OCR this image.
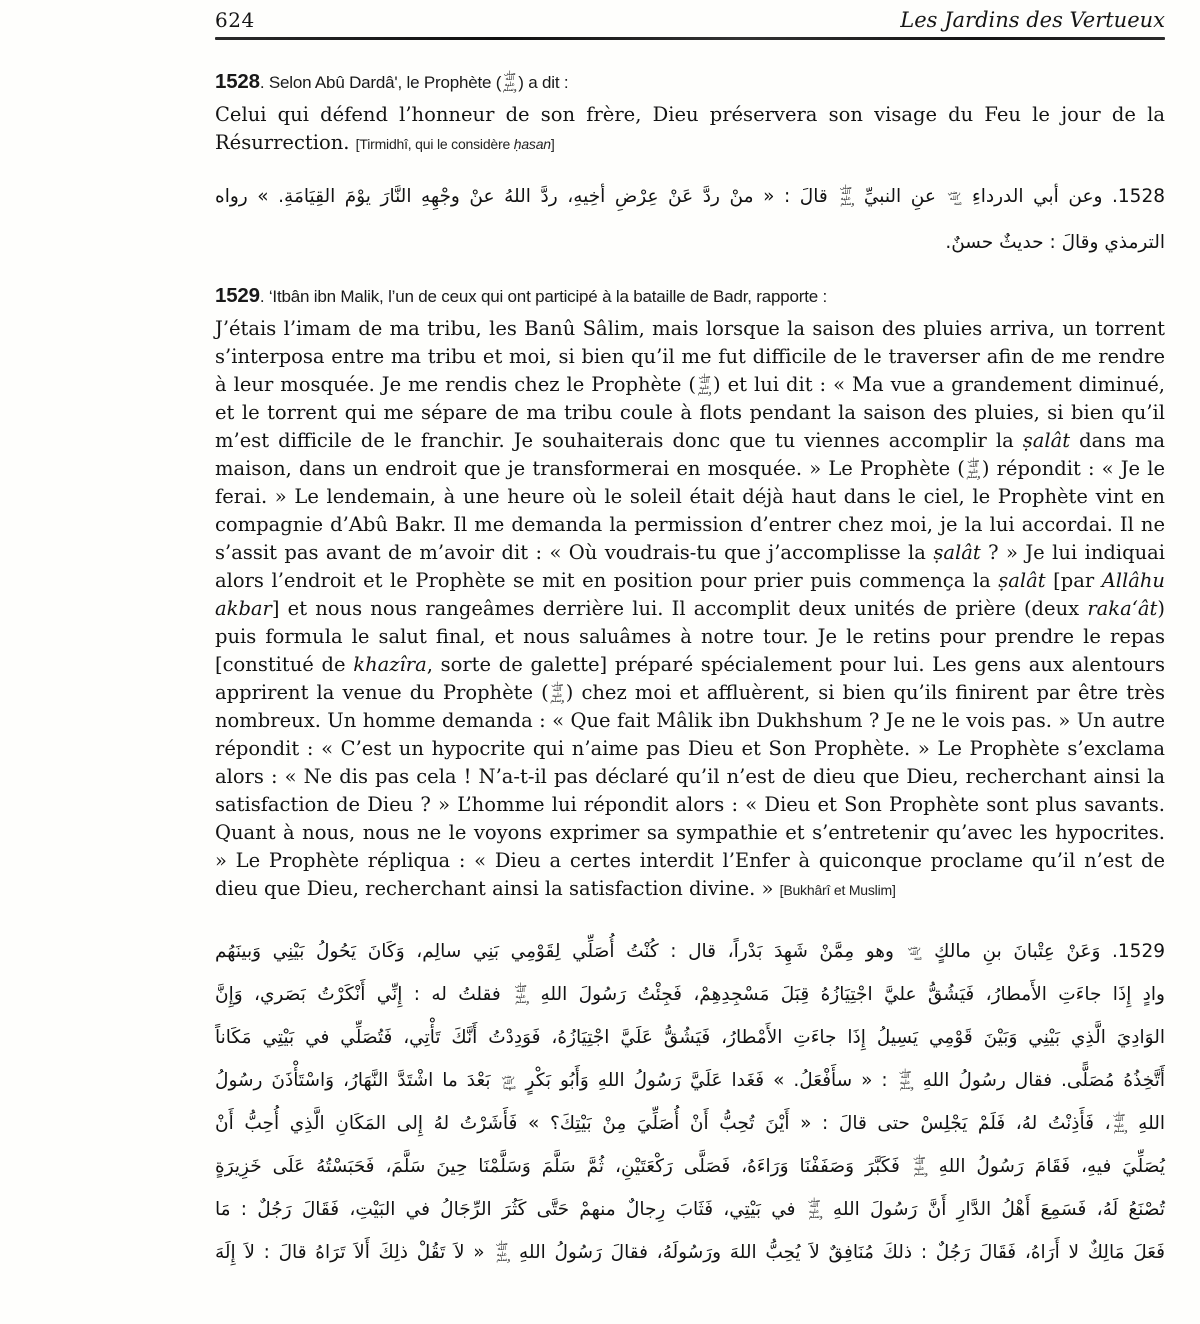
624	Les Jardins des Vertueux

1528. Selon Abû Dardâ', le Prophète ( صلى الله عليه وسلم) a dit :

Celui qui défend l’honneur de son frère, Dieu préservera son visage du Feu le jour de la Résurrection. [Tirmidhî, qui le considère ḥasan]

1528. وعن أبي الدرداءِ رضي الله عنه عنِ النبيِّ صلى الله عليه وسلم قالَ : « منْ ردَّ عَنْ عِرْضِ أخِيهِ، ردَّ اللهُ عنْ وجْهِهِ النَّارَ يوْمَ القِيَامَةِ. » رواه
الترمذي وقالَ : حديثٌ حسنٌ.

1529. ‘Itbân ibn Malik, l’un de ceux qui ont participé à la bataille de Badr, rapporte :

J’étais l’imam de ma tribu, les Banû Sâlim, mais lorsque la saison des pluies arriva, un torrent s’interposa entre ma tribu et moi, si bien qu’il me fut difficile de le traverser afin de me rendre à leur mosquée. Je me rendis chez le Prophète ( صلى الله عليه وسلم) et lui dit : « Ma vue a grandement diminué, et le torrent qui me sépare de ma tribu coule à flots pendant la saison des pluies, si bien qu’il m’est difficile de le franchir. Je souhaiterais donc que tu viennes accomplir la ṣalât dans ma maison, dans un endroit que je transformerai en mosquée. » Le Prophète ( صلى الله عليه وسلم) répondit : « Je le ferai. » Le lendemain, à une heure où le soleil était déjà haut dans le ciel, le Prophète vint en compagnie d’Abû Bakr. Il me demanda la permission d’entrer chez moi, je la lui accordai. Il ne s’assit pas avant de m’avoir dit : « Où voudrais-tu que j’accomplisse la ṣalât ? » Je lui indiquai alors l’endroit et le Prophète se mit en position pour prier puis commença la ṣalât [par Allâhu akbar] et nous nous rangeâmes derrière lui. Il accomplit deux unités de prière (deux raka‘ât) puis formula le salut final, et nous saluâmes à notre tour. Je le retins pour prendre le repas [constitué de khazîra, sorte de galette] préparé spécialement pour lui. Les gens aux alentours apprirent la venue du Prophète ( صلى الله عليه وسلم) chez moi et affluèrent, si bien qu’ils finirent par être très nombreux. Un homme demanda : « Que fait Mâlik ibn Dukhshum ? Je ne le vois pas. » Un autre répondit : « C’est un hypocrite qui n’aime pas Dieu et Son Prophète. » Le Prophète s’exclama alors : « Ne dis pas cela ! N’a-t-il pas déclaré qu’il n’est de dieu que Dieu, recherchant ainsi la satisfaction de Dieu ? » L’homme lui répondit alors : « Dieu et Son Prophète sont plus savants. Quant à nous, nous ne le voyons exprimer sa sympathie et s’entretenir qu’avec les hypocrites. » Le Prophète répliqua : « Dieu a certes interdit l’Enfer à quiconque proclame qu’il n’est de dieu que Dieu, recherchant ainsi la satisfaction divine. » [Bukhârî et Muslim]

1529. وَعَنْ عِتْبانَ بنِ مالكٍ رضي الله عنه وهو مِمَّنْ شَهِدَ بَدْراً، قال : كُنْتُ أُصَلِّي لِقَوْمِي بَنِي سالِم، وَكَانَ يَحُولُ بَيْنِي وَبينَهُم
وادٍ إِذَا جاءَتِ الأَمطارُ، فَيَشُقُّ عليَّ اجْتِيَازُهُ قِبَلَ مَسْجِدِهِمْ، فَجِئْتُ رَسُولَ اللهِ صلى الله عليه وسلم فقلتُ له : إِنِّي أَنْكَرْتُ بَصَري، وَإِنَّ
الوَادِيَ الَّذِي بَيْنِي وَبَيْنَ قَوْمِي يَسِيلُ إِذَا جاءَتِ الأَمْطارُ، فَيَشُقُّ عَلَيَّ اجْتِيَازُهُ، فَوَدِدْتُ أَنَّكَ تَأْتِي، فَتُصَلِّي في بَيْتِي مَكَاناً
أَتَّخِذُهُ مُصَلًّى. فقال رسُولُ اللهِ صلى الله عليه وسلم : « سأَفْعَلُ. » فَغَدا عَلَيَّ رَسُولُ اللهِ وَأَبُو بَكْرٍ رضي الله عنهما بَعْدَ ما اشْتَدَّ النَّهَارُ، وَاسْتَأْذَنَ رسُولُ
اللهِ صلى الله عليه وسلم، فَأَذِنْتُ لهُ، فَلَمْ يَجْلِسْ حتى قالَ : « أَيْنَ تُحِبُّ أَنْ أُصَلِّيَ مِنْ بَيْتِكَ؟ » فَأَشَرْتُ لهُ إِلى المَكَانِ الَّذِي أُحِبُّ أَنْ
يُصَلِّيَ فيهِ، فَقَامَ رَسُولُ اللهِ صلى الله عليه وسلم فَكَبَّرَ وَصَفَفْنَا وَرَاءَهُ، فَصَلَّى رَكْعَتَيْنِ، ثُمَّ سَلَّمَ وَسَلَّمْنَا حِينَ سَلَّمَ، فَحَبَسْتُهُ عَلَى خَزِيرَةٍ
تُصْنَعُ لَهُ، فَسَمِعَ أَهْلُ الدَّارِ أَنَّ رَسُولَ اللهِ صلى الله عليه وسلم في بَيْتِي، فَثَابَ رِجالٌ منهمْ حَتَّى كَثُرَ الرِّجَالُ في البَيْتِ، فَقَالَ رَجُلٌ : مَا
فَعَلَ مَالِكٌ لا أَرَاهُ، فَقَالَ رَجُلٌ : ذلكَ مُنَافِقٌ لاَ يُحِبُّ اللهَ ورَسُولَهُ، فقالَ رَسُولُ اللهِ صلى الله عليه وسلم « لاَ تَقُلْ ذلِكَ أَلاَ تَرَاهُ قالَ : لاَ إِلَهَ
